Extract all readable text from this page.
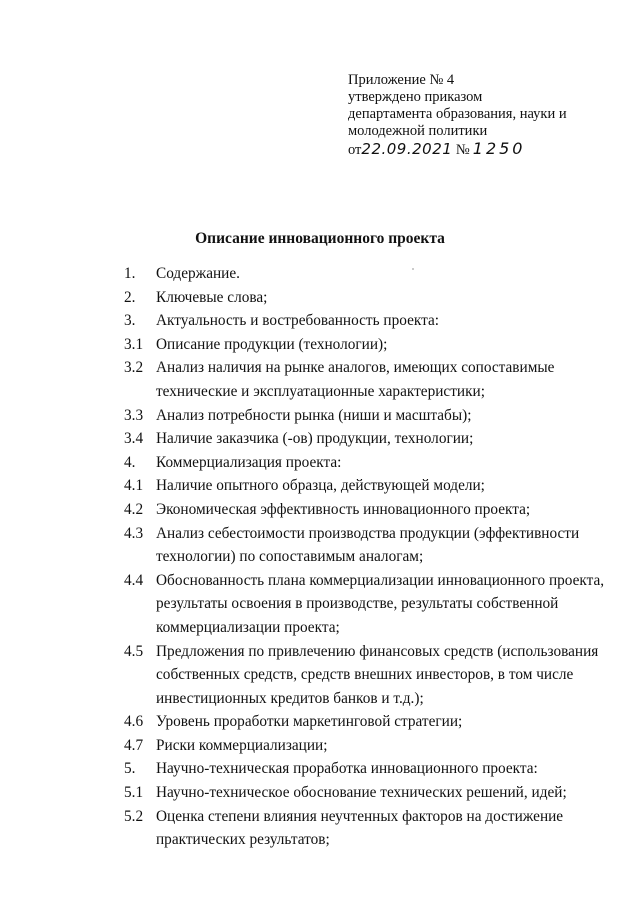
Приложение № 4
утверждено приказом
департамента образования, науки и
молодежной политики
от22.09.2021 № 1250
Описание инновационного проекта
1.	Содержание.
2.	Ключевые слова;
3.	Актуальность и востребованность проекта:
3.1 Описание продукции (технологии);
3.2 Анализ наличия на рынке аналогов, имеющих сопоставимые технические и эксплуатационные характеристики;
3.3 Анализ потребности рынка (ниши и масштабы);
3.4 Наличие заказчика (-ов) продукции, технологии;
4.	Коммерциализация проекта:
4.1 Наличие опытного образца, действующей модели;
4.2 Экономическая эффективность инновационного проекта;
4.3 Анализ себестоимости производства продукции (эффективности технологии) по сопоставимым аналогам;
4.4 Обоснованность плана коммерциализации инновационного проекта, результаты освоения в производстве, результаты собственной коммерциализации проекта;
4.5 Предложения по привлечению финансовых средств (использования собственных средств, средств внешних инвесторов, в том числе инвестиционных кредитов банков и т.д.);
4.6 Уровень проработки маркетинговой стратегии;
4.7 Риски коммерциализации;
5.	Научно-техническая проработка инновационного проекта:
5.1 Научно-техническое обоснование технических решений, идей;
5.2 Оценка степени влияния неучтенных факторов на достижение практических результатов;
